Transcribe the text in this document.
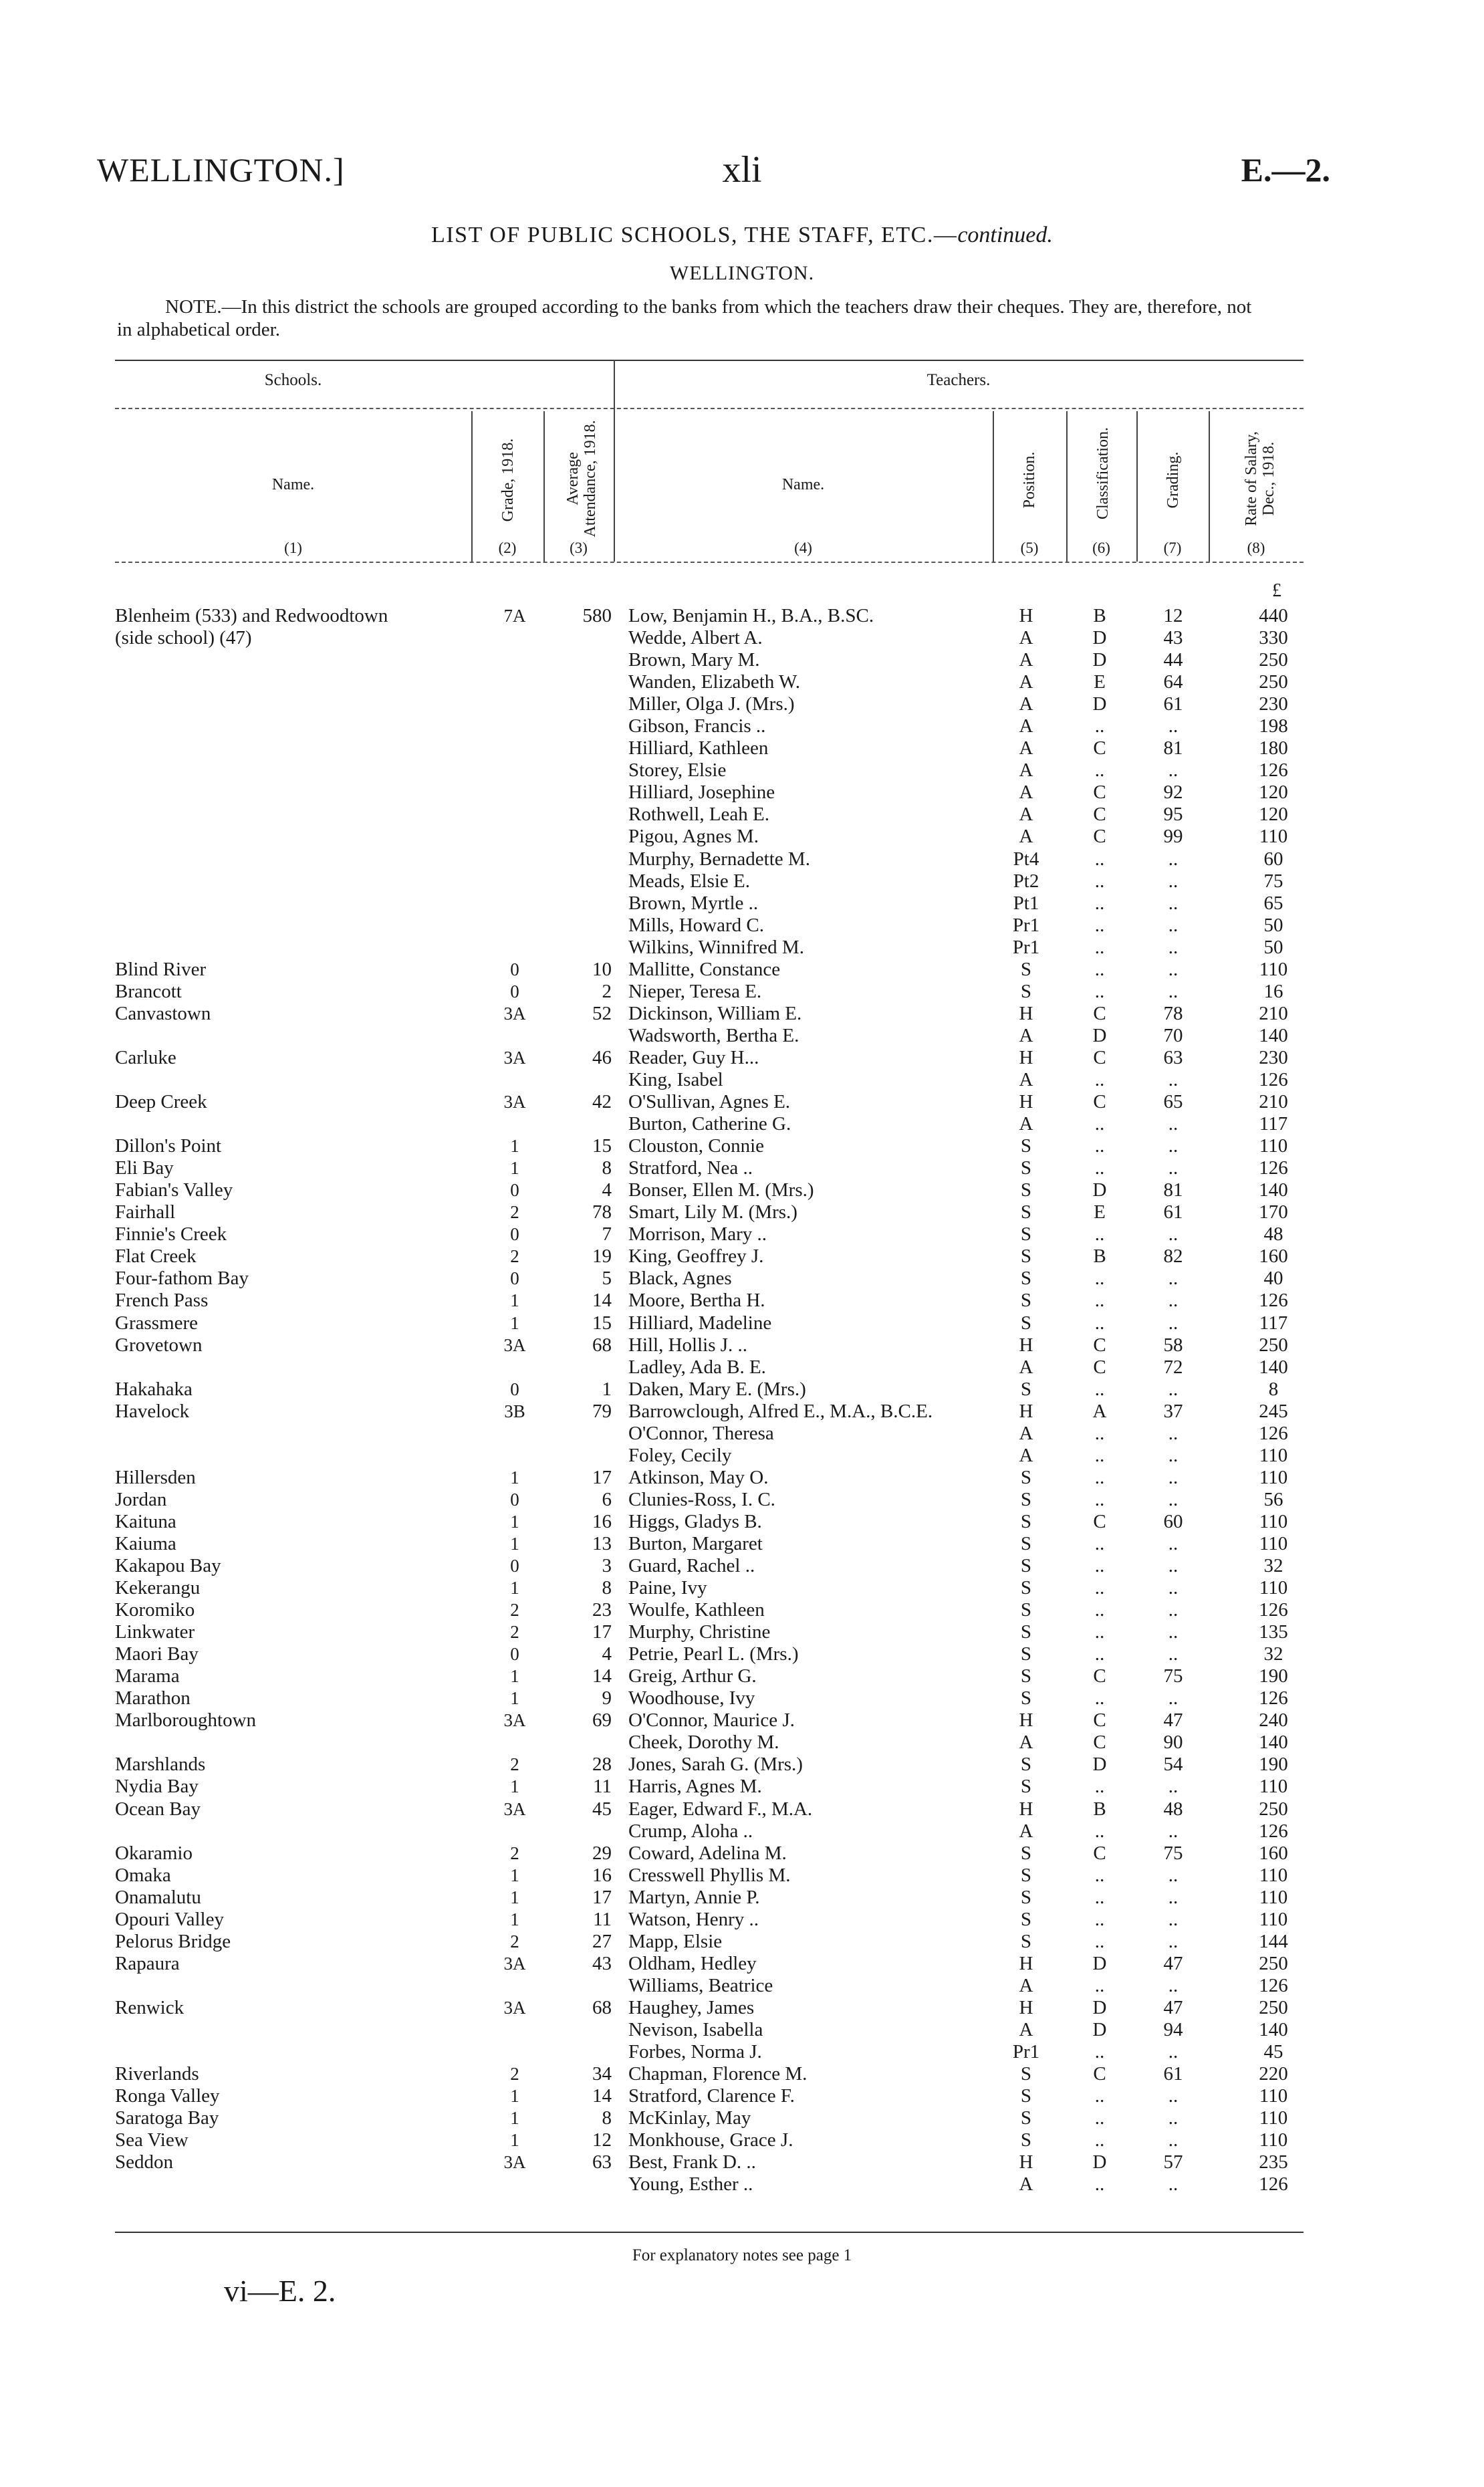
WELLINGTON.]	xli	E.—2.
LIST OF PUBLIC SCHOOLS, THE STAFF, ETC.—continued.
WELLINGTON.
NOTE.—In this district the schools are grouped according to the banks from which the teachers draw their cheques. They are, therefore, not in alphabetical order.
Schools.	Teachers.
Name.	Name.
Grade, 1918.	Average Attendance, 1918.	Position.	Classification.	Grading.	Rate of Salary, Dec., 1918.
(1)	(2)	(3)	(4)	(5)	(6)	(7)	(8)
£
Blenheim (533) and Redwoodtown	7A	580 Low, Benjamin H., B.A., B.SC.	H	B	12	440
(side school) (47)	Wedde, Albert A.	A	D	43	330
Brown, Mary M.	A	D	44	250
Wanden, Elizabeth W.	A	E	64	250
Miller, Olga J. (Mrs.)	A	D	61	230
Gibson, Francis ..	A	..	..	198
Hilliard, Kathleen	A	C	81	180
Storey, Elsie	A	..	..	126
Hilliard, Josephine	A	C	92	120
Rothwell, Leah E.	A	C	95	120
Pigou, Agnes M.	A	C	99	110
Murphy, Bernadette M.	Pt4	..	..	60
Meads, Elsie E.	Pt2	..	..	75
Brown, Myrtle ..	Pt1	..	..	65
Mills, Howard C.	Pr1	..	..	50
Wilkins, Winnifred M.	Pr1	..	..	50
Blind River	0	10 Mallitte, Constance	S	..	..	110
Brancott	0	2 Nieper, Teresa E.	S	..	..	16
Canvastown	3A	52 Dickinson, William E.	H	C	78	210
Wadsworth, Bertha E.	A	D	70	140
Carluke	3A	46 Reader, Guy H...	H	C	63	230
King, Isabel	A	..	..	126
Deep Creek	3A	42 O'Sullivan, Agnes E.	H	C	65	210
Burton, Catherine G.	A	..	..	117
Dillon's Point	1	15 Clouston, Connie	S	..	..	110
Eli Bay	1	8 Stratford, Nea ..	S	..	..	126
Fabian's Valley	0	4 Bonser, Ellen M. (Mrs.)	S	D	81	140
Fairhall	2	78 Smart, Lily M. (Mrs.)	S	E	61	170
Finnie's Creek	0	7 Morrison, Mary ..	S	..	..	48
Flat Creek	2	19 King, Geoffrey J.	S	B	82	160
Four-fathom Bay	0	5 Black, Agnes	S	..	..	40
French Pass	1	14 Moore, Bertha H.	S	..	..	126
Grassmere	1	15 Hilliard, Madeline	S	..	..	117
Grovetown	3A	68 Hill, Hollis J. ..	H	C	58	250
Ladley, Ada B. E.	A	C	72	140
Hakahaka	0	1 Daken, Mary E. (Mrs.)	S	..	..	8
Havelock	3B	79 Barrowclough, Alfred E., M.A., B.C.E.	H	A	37	245
O'Connor, Theresa	A	..	..	126
Foley, Cecily	A	..	..	110
Hillersden	1	17 Atkinson, May O.	S	..	..	110
Jordan	0	6 Clunies-Ross, I. C.	S	..	..	56
Kaituna	1	16 Higgs, Gladys B.	S	C	60	110
Kaiuma	1	13 Burton, Margaret	S	..	..	110
Kakapou Bay	0	3 Guard, Rachel ..	S	..	..	32
Kekerangu	1	8 Paine, Ivy	S	..	..	110
Koromiko	2	23 Woulfe, Kathleen	S	..	..	126
Linkwater	2	17 Murphy, Christine	S	..	..	135
Maori Bay	0	4 Petrie, Pearl L. (Mrs.)	S	..	..	32
Marama	1	14 Greig, Arthur G.	S	C	75	190
Marathon	1	9 Woodhouse, Ivy	S	..	..	126
Marlboroughtown	3A	69 O'Connor, Maurice J.	H	C	47	240
Cheek, Dorothy M.	A	C	90	140
Marshlands	2	28 Jones, Sarah G. (Mrs.)	S	D	54	190
Nydia Bay	1	11 Harris, Agnes M.	S	..	..	110
Ocean Bay	3A	45 Eager, Edward F., M.A.	H	B	48	250
Crump, Aloha ..	A	..	..	126
Okaramio	2	29 Coward, Adelina M.	S	C	75	160
Omaka	1	16 Cresswell Phyllis M.	S	..	..	110
Onamalutu	1	17 Martyn, Annie P.	S	..	..	110
Opouri Valley	1	11 Watson, Henry ..	S	..	..	110
Pelorus Bridge	2	27 Mapp, Elsie	S	..	..	144
Rapaura	3A	43 Oldham, Hedley	H	D	47	250
Williams, Beatrice	A	..	..	126
Renwick	3A	68 Haughey, James	H	D	47	250
Nevison, Isabella	A	D	94	140
Forbes, Norma J.	Pr1	..	..	45
Riverlands	2	34 Chapman, Florence M.	S	C	61	220
Ronga Valley	1	14 Stratford, Clarence F.	S	..	..	110
Saratoga Bay	1	8 McKinlay, May	S	..	..	110
Sea View	1	12 Monkhouse, Grace J.	S	..	..	110
Seddon	3A	63 Best, Frank D. ..	H	D	57	235
Young, Esther ..	A	..	..	126
For explanatory notes see page 1
vi—E. 2.
